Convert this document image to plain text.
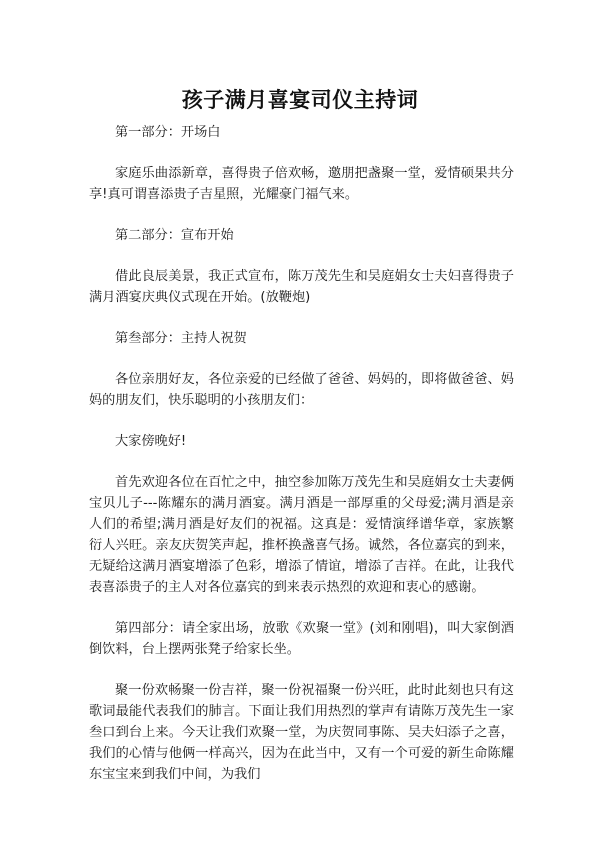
孩子满月喜宴司仪主持词

第一部分：开场白

家庭乐曲添新章，喜得贵子倍欢畅，邀朋把盏聚一堂，爱情硕果共分享!真可谓喜添贵子吉星照，光耀豪门福气来。

第二部分：宣布开始

借此良辰美景，我正式宣布，陈万茂先生和吴庭娟女士夫妇喜得贵子满月酒宴庆典仪式现在开始。(放鞭炮)

第叁部分：主持人祝贺

各位亲朋好友，各位亲爱的已经做了爸爸、妈妈的，即将做爸爸、妈妈的朋友们，快乐聪明的小孩朋友们：

大家傍晚好!

首先欢迎各位在百忙之中，抽空参加陈万茂先生和吴庭娟女士夫妻俩宝贝儿子---陈耀东的满月酒宴。满月酒是一部厚重的父母爱;满月酒是亲人们的希望;满月酒是好友们的祝福。这真是：爱情演绎谱华章，家族繁衍人兴旺。亲友庆贺笑声起，推杯换盏喜气扬。诚然，各位嘉宾的到来，无疑给这满月酒宴增添了色彩，增添了情谊，增添了吉祥。在此，让我代表喜添贵子的主人对各位嘉宾的到来表示热烈的欢迎和衷心的感谢。

第四部分：请全家出场，放歌《欢聚一堂》(刘和刚唱)，叫大家倒酒倒饮料，台上摆两张凳子给家长坐。

聚一份欢畅聚一份吉祥，聚一份祝福聚一份兴旺，此时此刻也只有这歌词最能代表我们的肺言。下面让我们用热烈的掌声有请陈万茂先生一家叁口到台上来。今天让我们欢聚一堂，为庆贺同事陈、吴夫妇添子之喜，我们的心情与他俩一样高兴，因为在此当中，又有一个可爱的新生命陈耀东宝宝来到我们中间，为我们
